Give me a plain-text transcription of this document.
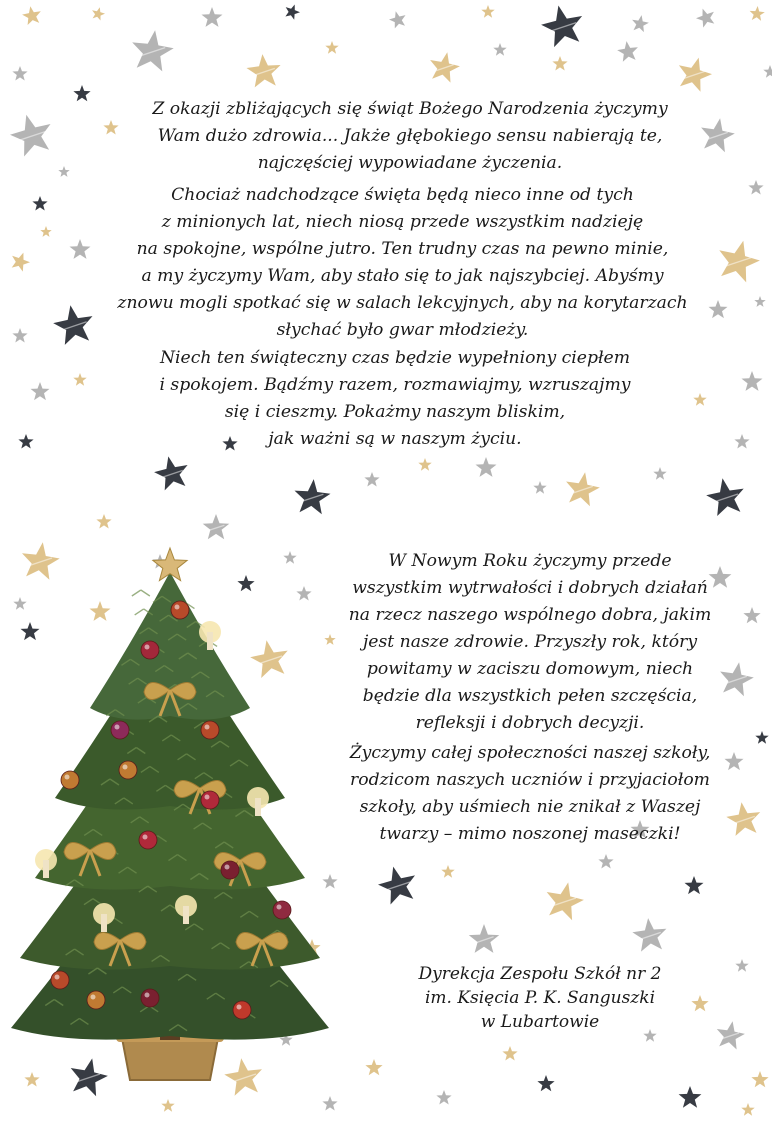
Z okazji zbliżających się świąt Bożego Narodzenia życzymy
Wam dużo zdrowia... Jakże głębokiego sensu nabierają te,
najczęściej wypowiadane życzenia.
Chociaż nadchodzące święta będą nieco inne od tych
z minionych lat, niech niosą przede wszystkim nadzieję
na spokojne, wspólne jutro. Ten trudny czas na pewno minie,
a my życzymy Wam, aby stało się to jak najszybciej. Abyśmy
znowu mogli spotkać się w salach lekcyjnych, aby na korytarzach
słychać było gwar młodzieży.
Niech ten świąteczny czas będzie wypełniony ciepłem
i spokojem. Bądźmy razem, rozmawiajmy, wzruszajmy
się i cieszmy. Pokażmy naszym bliskim,
jak ważni są w naszym życiu.
W Nowym Roku życzymy przede
wszystkim wytrwałości i dobrych działań
na rzecz naszego wspólnego dobra, jakim
jest nasze zdrowie. Przyszły rok, który
powitamy w zaciszu domowym, niech
będzie dla wszystkich pełen szczęścia,
refleksji i dobrych decyzji.
Życzymy całej społeczności naszej szkoły,
rodzicom naszych uczniów i przyjaciołom
szkoły, aby uśmiech nie znikał z Waszej
twarzy – mimo noszonej maseczki!
Dyrekcja Zespołu Szkół nr 2
im. Księcia P. K. Sanguszki
w Lubartowie
